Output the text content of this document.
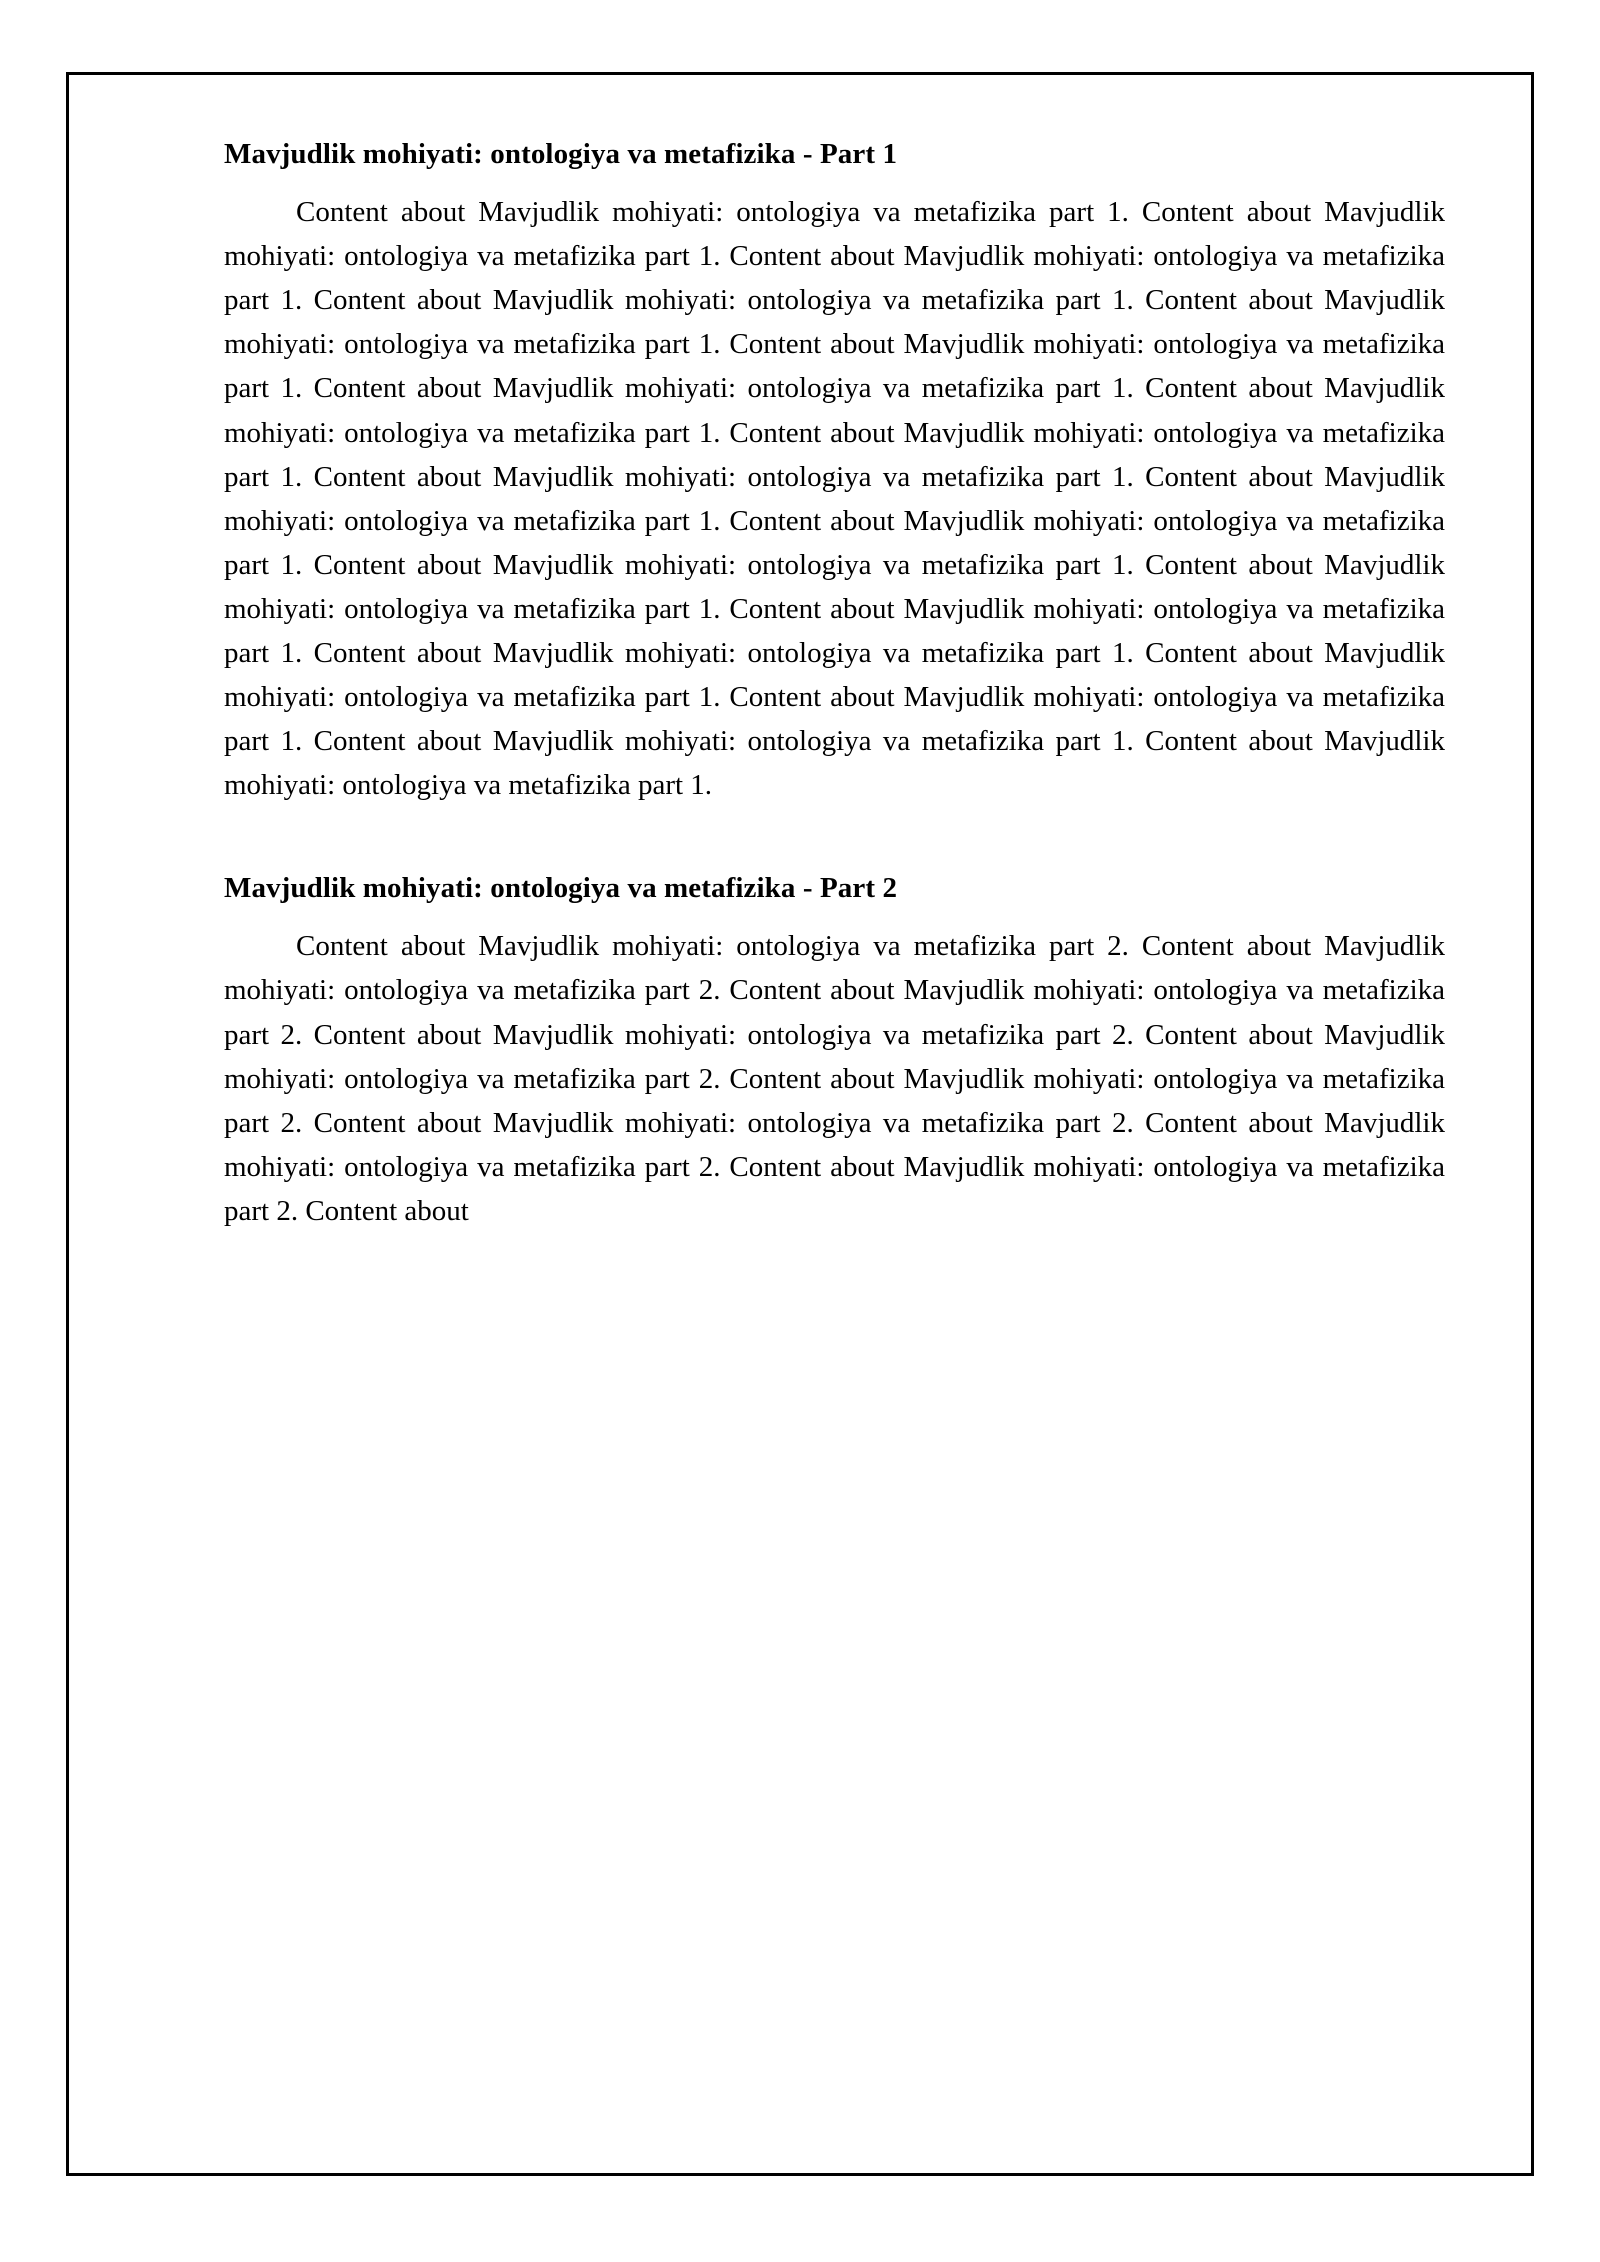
Mavjudlik mohiyati: ontologiya va metafizika - Part 1

Content about Mavjudlik mohiyati: ontologiya va metafizika part 1. Content about Mavjudlik mohiyati: ontologiya va metafizika part 1. Content about Mavjudlik mohiyati: ontologiya va metafizika part 1. Content about Mavjudlik mohiyati: ontologiya va metafizika part 1. Content about Mavjudlik mohiyati: ontologiya va metafizika part 1. Content about Mavjudlik mohiyati: ontologiya va metafizika part 1. Content about Mavjudlik mohiyati: ontologiya va metafizika part 1. Content about Mavjudlik mohiyati: ontologiya va metafizika part 1. Content about Mavjudlik mohiyati: ontologiya va metafizika part 1. Content about Mavjudlik mohiyati: ontologiya va metafizika part 1. Content about Mavjudlik mohiyati: ontologiya va metafizika part 1. Content about Mavjudlik mohiyati: ontologiya va metafizika part 1. Content about Mavjudlik mohiyati: ontologiya va metafizika part 1. Content about Mavjudlik mohiyati: ontologiya va metafizika part 1. Content about Mavjudlik mohiyati: ontologiya va metafizika part 1. Content about Mavjudlik mohiyati: ontologiya va metafizika part 1. Content about Mavjudlik mohiyati: ontologiya va metafizika part 1. Content about Mavjudlik mohiyati: ontologiya va metafizika part 1. Content about Mavjudlik mohiyati: ontologiya va metafizika part 1. Content about Mavjudlik mohiyati: ontologiya va metafizika part 1.

Mavjudlik mohiyati: ontologiya va metafizika - Part 2

Content about Mavjudlik mohiyati: ontologiya va metafizika part 2. Content about Mavjudlik mohiyati: ontologiya va metafizika part 2. Content about Mavjudlik mohiyati: ontologiya va metafizika part 2. Content about Mavjudlik mohiyati: ontologiya va metafizika part 2. Content about Mavjudlik mohiyati: ontologiya va metafizika part 2. Content about Mavjudlik mohiyati: ontologiya va metafizika part 2. Content about Mavjudlik mohiyati: ontologiya va metafizika part 2. Content about Mavjudlik mohiyati: ontologiya va metafizika part 2. Content about Mavjudlik mohiyati: ontologiya va metafizika part 2. Content about
